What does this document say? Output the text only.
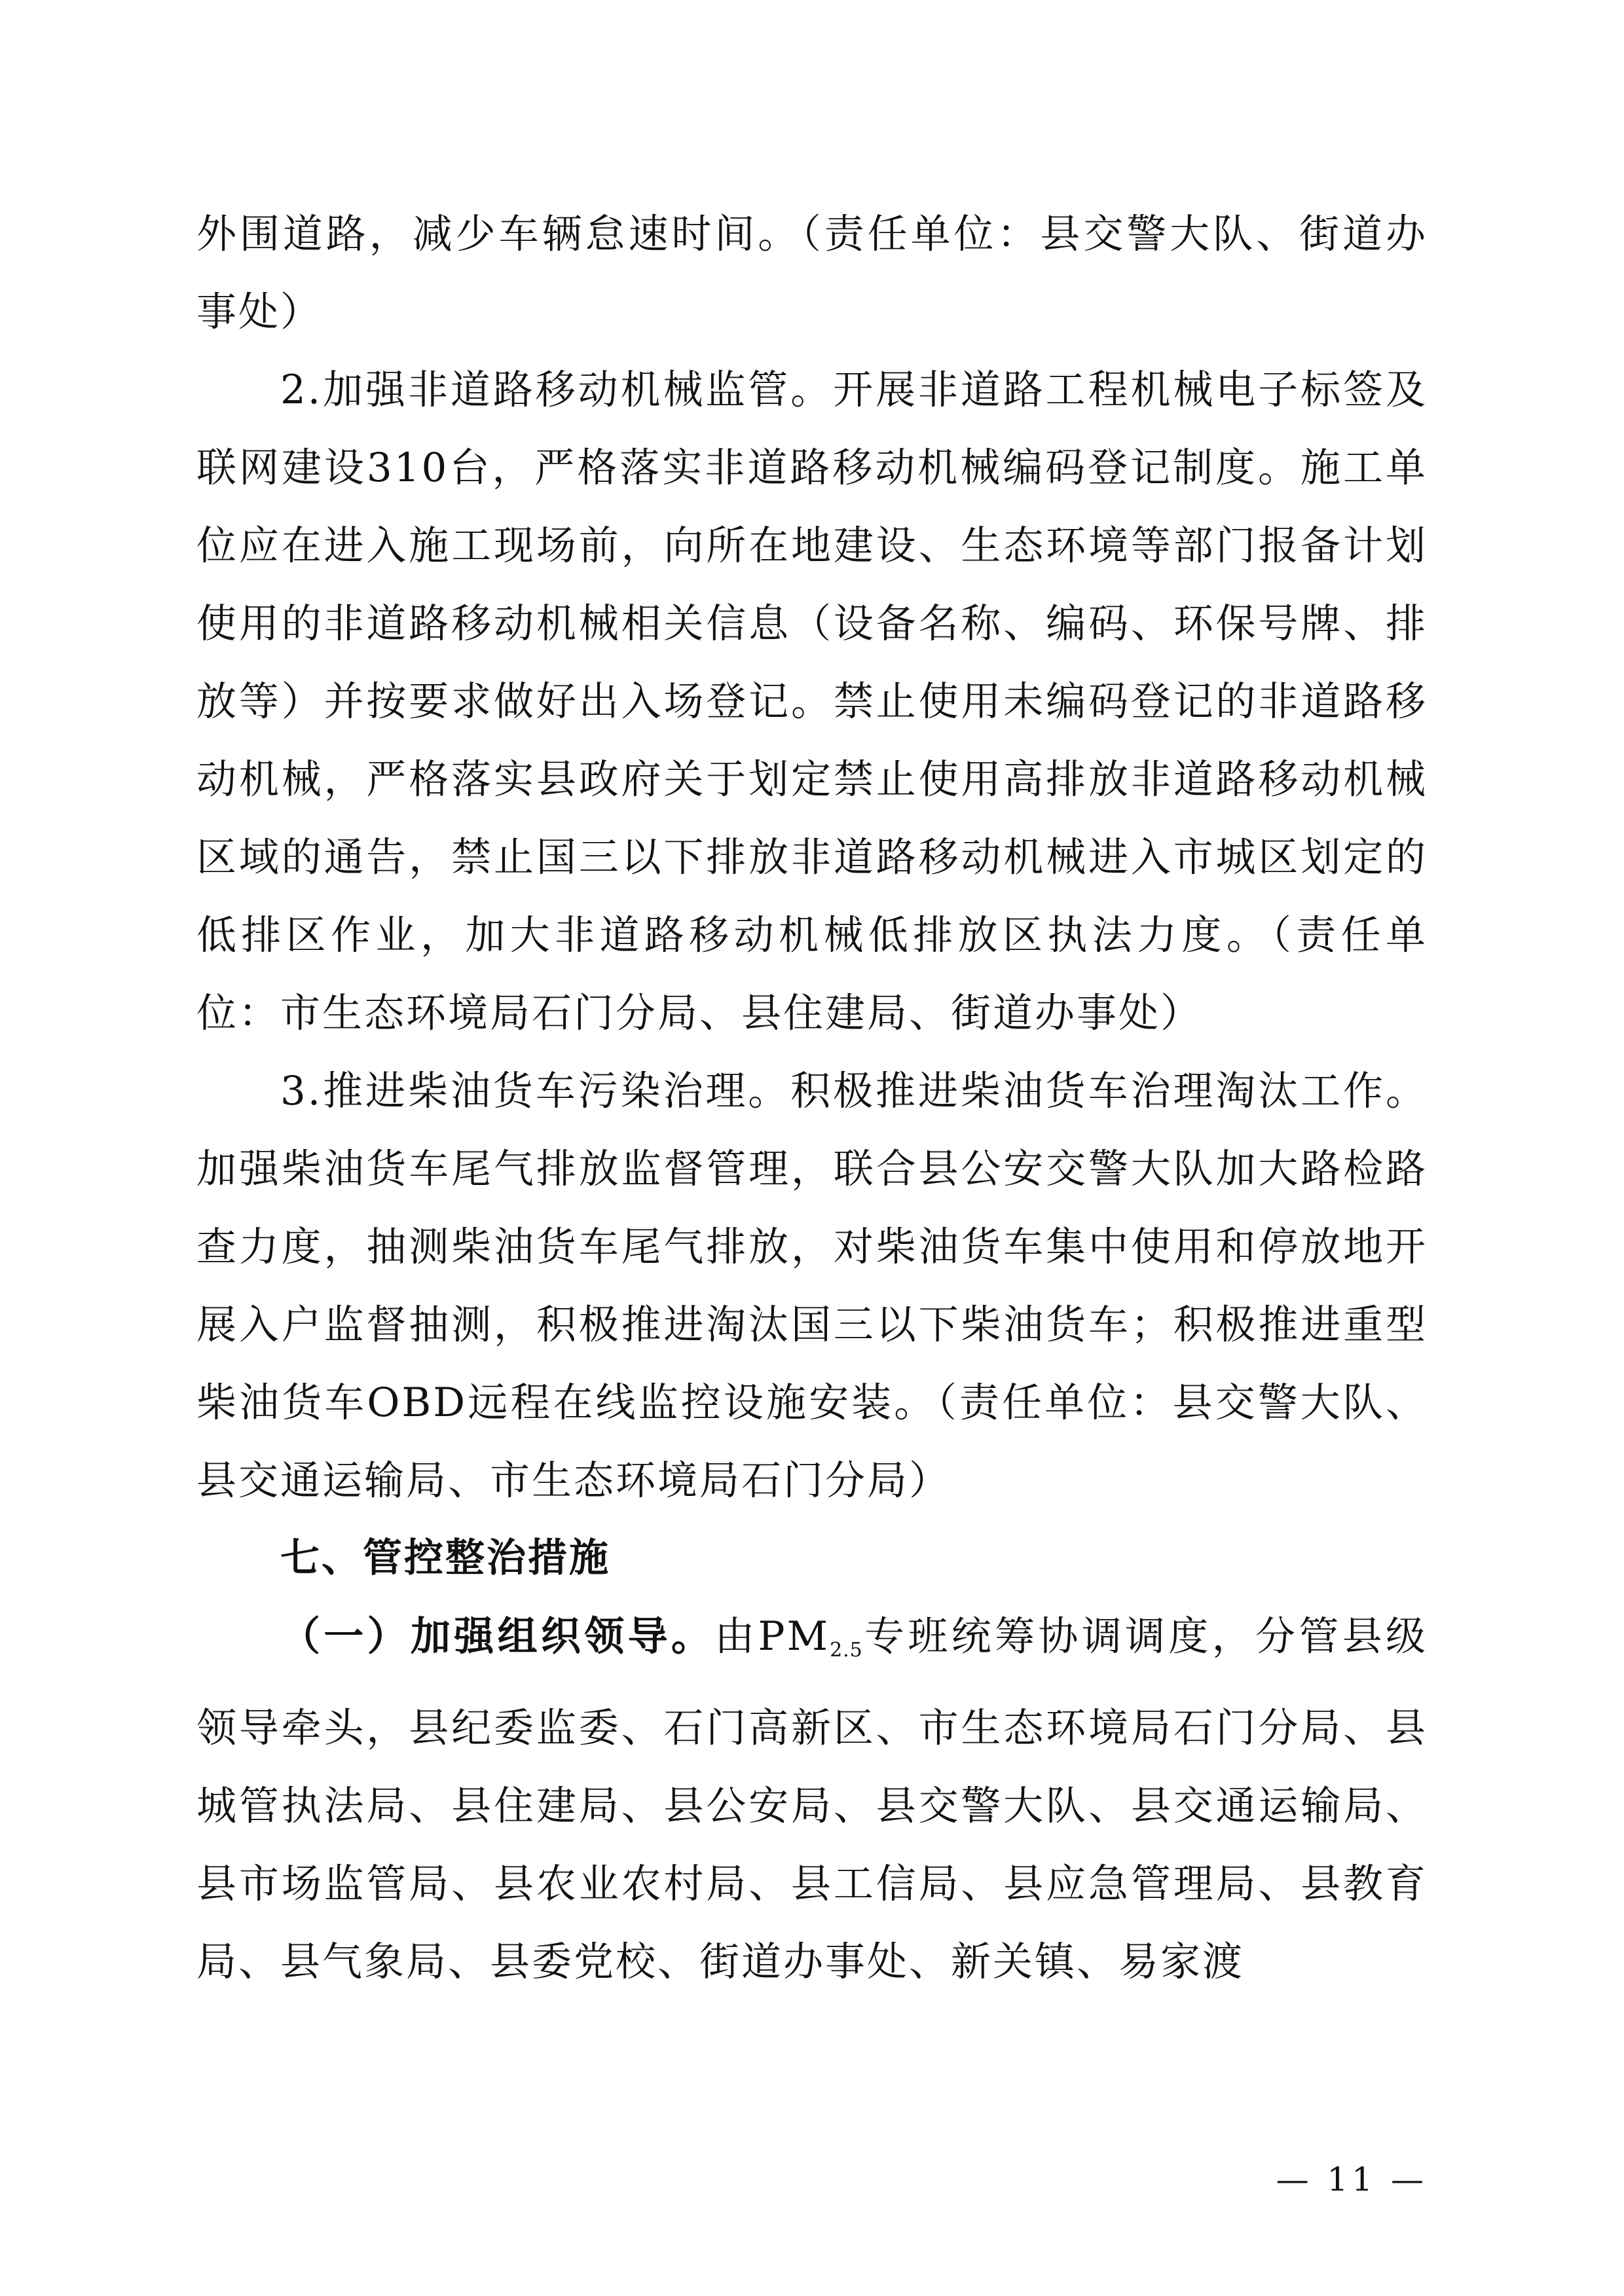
外围道路，减少车辆怠速时间。（责任单位：县交警大队、街道办事处）

2.加强非道路移动机械监管。开展非道路工程机械电子标签及联网建设310台，严格落实非道路移动机械编码登记制度。施工单位应在进入施工现场前，向所在地建设、生态环境等部门报备计划使用的非道路移动机械相关信息（设备名称、编码、环保号牌、排放等）并按要求做好出入场登记。禁止使用未编码登记的非道路移动机械，严格落实县政府关于划定禁止使用高排放非道路移动机械区域的通告，禁止国三以下排放非道路移动机械进入市城区划定的低排区作业，加大非道路移动机械低排放区执法力度。（责任单位：市生态环境局石门分局、县住建局、街道办事处）

3.推进柴油货车污染治理。积极推进柴油货车治理淘汰工作。加强柴油货车尾气排放监督管理，联合县公安交警大队加大路检路查力度，抽测柴油货车尾气排放，对柴油货车集中使用和停放地开展入户监督抽测，积极推进淘汰国三以下柴油货车；积极推进重型柴油货车OBD远程在线监控设施安装。（责任单位：县交警大队、县交通运输局、市生态环境局石门分局）

七、管控整治措施

（一）加强组织领导。由PM2.5专班统筹协调调度，分管县级领导牵头，县纪委监委、石门高新区、市生态环境局石门分局、县城管执法局、县住建局、县公安局、县交警大队、县交通运输局、县市场监管局、县农业农村局、县工信局、县应急管理局、县教育局、县气象局、县委党校、街道办事处、新关镇、易家渡

— 11 —
